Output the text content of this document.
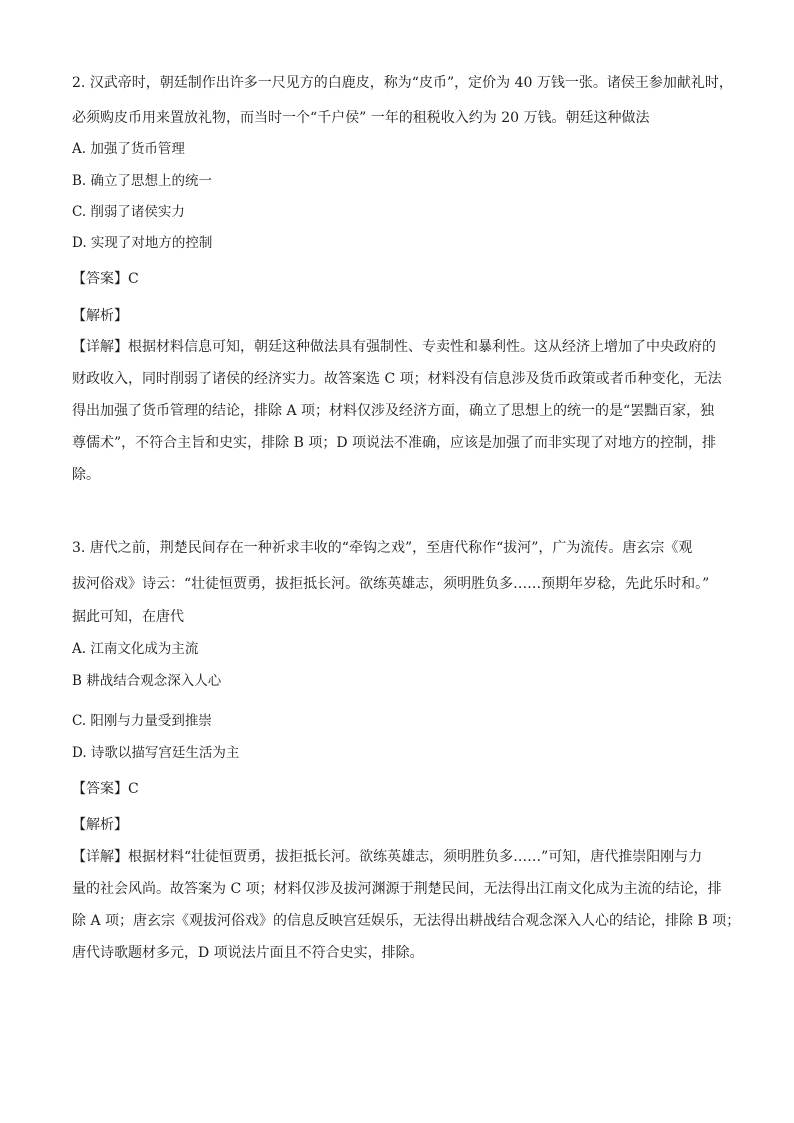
2. 汉武帝时，朝廷制作出许多一尺见方的白鹿皮，称为“皮币”，定价为 40 万钱一张。诸侯王参加献礼时，
必须购皮币用来置放礼物，而当时一个“千户侯” 一年的租税收入约为 20 万钱。朝廷这种做法
A. 加强了货币管理
B. 确立了思想上的统一
C. 削弱了诸侯实力
D. 实现了对地方的控制
【答案】C
【解析】
【详解】根据材料信息可知，朝廷这种做法具有强制性、专卖性和暴利性。这从经济上增加了中央政府的
财政收入，同时削弱了诸侯的经济实力。故答案选 C 项；材料没有信息涉及货币政策或者币种变化，无法
得出加强了货币管理的结论，排除 A 项；材料仅涉及经济方面，确立了思想上的统一的是“罢黜百家，独
尊儒术”，不符合主旨和史实，排除 B 项；D 项说法不准确，应该是加强了而非实现了对地方的控制，排
除。
3. 唐代之前，荆楚民间存在一种祈求丰收的“牵钩之戏”，至唐代称作“拔河”，广为流传。唐玄宗《观
拔河俗戏》诗云：“壮徒恒贾勇，拔拒抵长河。欲练英雄志，须明胜负多……预期年岁稔，先此乐时和。”
据此可知，在唐代
A. 江南文化成为主流
B 耕战结合观念深入人心
C. 阳刚与力量受到推崇
D. 诗歌以描写宫廷生活为主
【答案】C
【解析】
【详解】根据材料“壮徒恒贾勇，拔拒抵长河。欲练英雄志，须明胜负多……”可知，唐代推崇阳刚与力
量的社会风尚。故答案为 C 项；材料仅涉及拔河渊源于荆楚民间，无法得出江南文化成为主流的结论，排
除 A 项；唐玄宗《观拔河俗戏》的信息反映宫廷娱乐，无法得出耕战结合观念深入人心的结论，排除 B 项；
唐代诗歌题材多元，D 项说法片面且不符合史实，排除。
